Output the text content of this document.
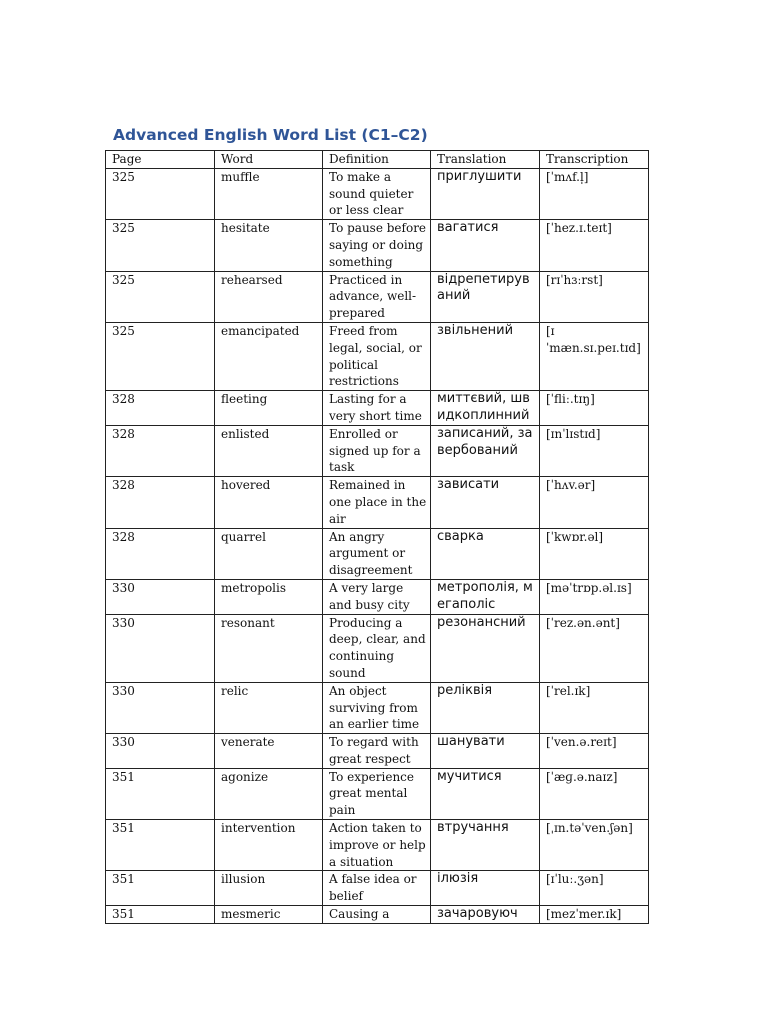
Advanced English Word List (C1–C2)
Page	Word	Definition	Translation	Transcription
325	muffle	To make a sound quieter or less clear	приглушити	[ˈmʌf.l̩]
325	hesitate	To pause before saying or doing something	вагатися	[ˈhez.ɪ.teɪt]
325	rehearsed	Practiced in advance, well-prepared	відрепетируваний	[rɪˈhɜːrst]
325	emancipated	Freed from legal, social, or political restrictions	звільнений	[ɪ ˈmæn.sɪ.peɪ.tɪd]
328	fleeting	Lasting for a very short time	миттєвий, швидкоплинний	[ˈfliː.tɪŋ]
328	enlisted	Enrolled or signed up for a task	записаний, завербований	[ɪnˈlɪstɪd]
328	hovered	Remained in one place in the air	зависати	[ˈhʌv.ər]
328	quarrel	An angry argument or disagreement	сварка	[ˈkwɒr.əl]
330	metropolis	A very large and busy city	метрополія, мегаполіс	[məˈtrɒp.əl.ɪs]
330	resonant	Producing a deep, clear, and continuing sound	резонансний	[ˈrez.ən.ənt]
330	relic	An object surviving from an earlier time	реліквія	[ˈrel.ɪk]
330	venerate	To regard with great respect	шанувати	[ˈven.ə.reɪt]
351	agonize	To experience great mental pain	мучитися	[ˈæɡ.ə.naɪz]
351	intervention	Action taken to improve or help a situation	втручання	[ˌɪn.təˈven.ʃən]
351	illusion	A false idea or belief	ілюзія	[ɪˈluː.ʒən]
351	mesmeric	Causing a	зачаровуюч	[mezˈmer.ɪk]
